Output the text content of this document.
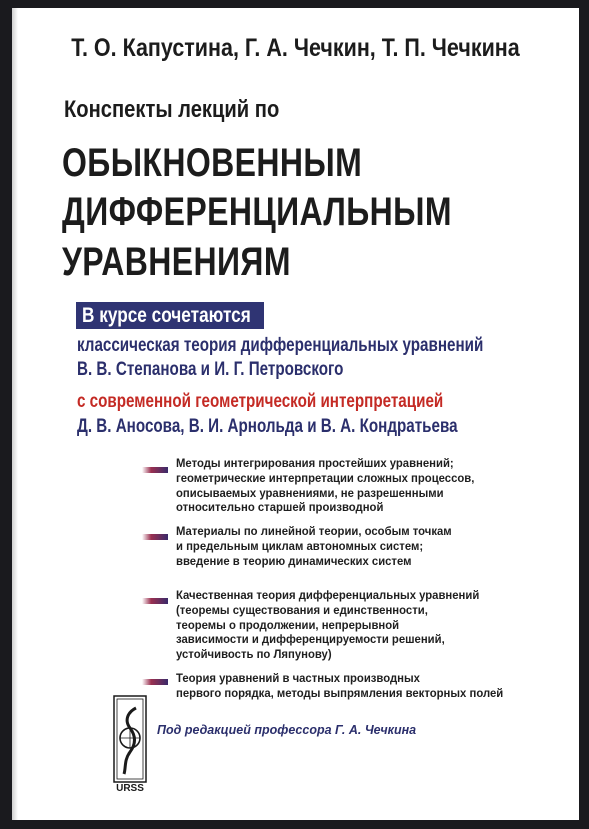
Т. О. Капустина, Г. А. Чечкин, Т. П. Чечкина
Конспекты лекций по
ОБЫКНОВЕННЫМ
ДИФФЕРЕНЦИАЛЬНЫМ
УРАВНЕНИЯМ
В курсе сочетаются
классическая теория дифференциальных уравнений
В. В. Степанова и И. Г. Петровского
с современной геометрической интерпретацией
Д. В. Аносова, В. И. Арнольда и В. А. Кондратьева
Методы интегрирования простейших уравнений;
геометрические интерпретации сложных процессов,
описываемых уравнениями, не разрешенными
относительно старшей производной
Материалы по линейной теории, особым точкам
и предельным циклам автономных систем;
введение в теорию динамических систем
Качественная теория дифференциальных уравнений
(теоремы существования и единственности,
теоремы о продолжении, непрерывной
зависимости и дифференцируемости решений,
устойчивость по Ляпунову)
Теория уравнений в частных производных
первого порядка, методы выпрямления векторных полей
URSS
Под редакцией профессора Г. А. Чечкина
